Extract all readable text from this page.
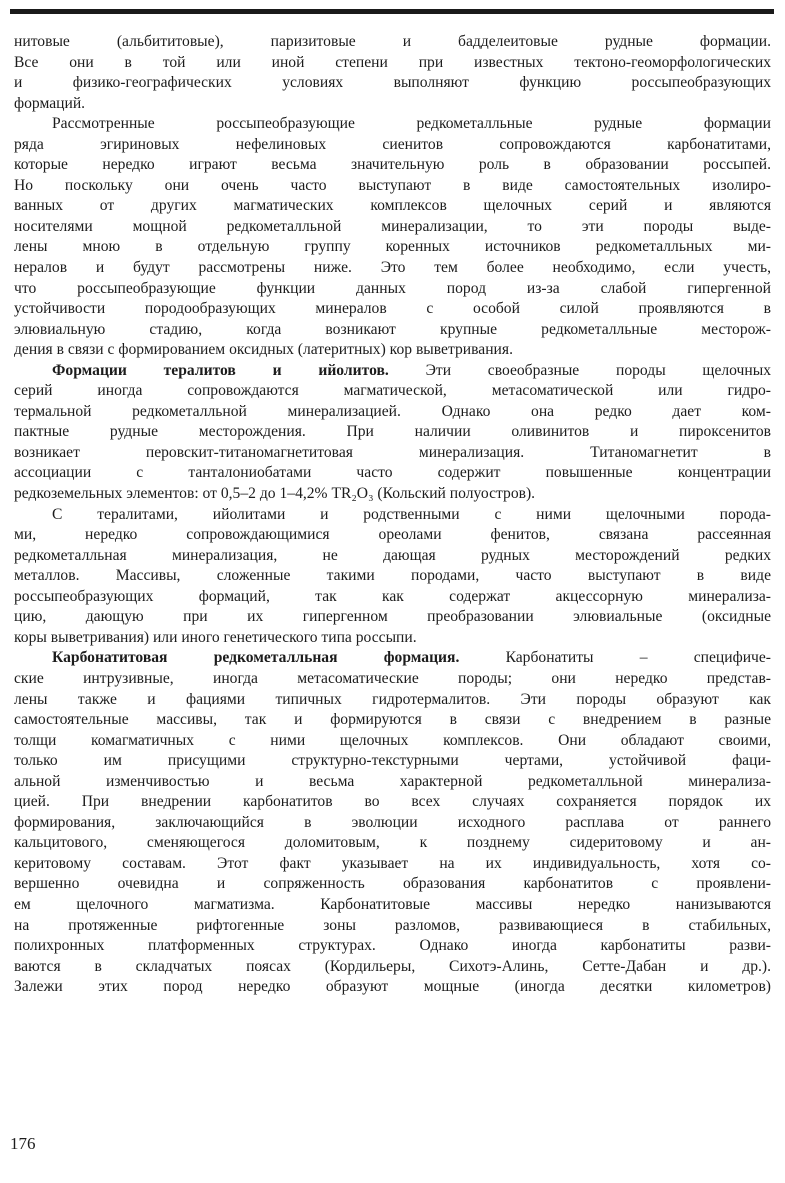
нитовые (альбититовые), паризитовые и бадделеитовые рудные формации.
Все они в той или иной степени при известных тектоно-геоморфологических
и физико-географических условиях выполняют функцию россыпеобразующих
формаций.
Рассмотренные россыпеобразующие редкометалльные рудные формации
ряда эгириновых нефелиновых сиенитов сопровождаются карбонатитами,
которые нередко играют весьма значительную роль в образовании россыпей.
Но поскольку они очень часто выступают в виде самостоятельных изолиро-
ванных от других магматических комплексов щелочных серий и являются
носителями мощной редкометалльной минерализации, то эти породы выде-
лены мною в отдельную группу коренных источников редкометалльных ми-
нералов и будут рассмотрены ниже. Это тем более необходимо, если учесть,
что россыпеобразующие функции данных пород из-за слабой гипергенной
устойчивости породообразующих минералов с особой силой проявляются в
элювиальную стадию, когда возникают крупные редкометалльные месторож-
дения в связи с формированием оксидных (латеритных) кор выветривания.
Формации тералитов и ийолитов. Эти своеобразные породы щелочных
серий иногда сопровождаются магматической, метасоматической или гидро-
термальной редкометалльной минерализацией. Однако она редко дает ком-
пактные рудные месторождения. При наличии оливинитов и пироксенитов
возникает перовскит-титаномагнетитовая минерализация. Титаномагнетит в
ассоциации с танталониобатами часто содержит повышенные концентрации
редкоземельных элементов: от 0,5–2 до 1–4,2% TR₂O₃ (Кольский полуостров).
С тералитами, ийолитами и родственными с ними щелочными порода-
ми, нередко сопровождающимися ореолами фенитов, связана рассеянная
редкометалльная минерализация, не дающая рудных месторождений редких
металлов. Массивы, сложенные такими породами, часто выступают в виде
россыпеобразующих формаций, так как содержат акцессорную минерализа-
цию, дающую при их гипергенном преобразовании элювиальные (оксидные
коры выветривания) или иного генетического типа россыпи.
Карбонатитовая редкометалльная формация. Карбонатиты – специфиче-
ские интрузивные, иногда метасоматические породы; они нередко представ-
лены также и фациями типичных гидротермалитов. Эти породы образуют как
самостоятельные массивы, так и формируются в связи с внедрением в разные
толщи комагматичных с ними щелочных комплексов. Они обладают своими,
только им присущими структурно-текстурными чертами, устойчивой фаци-
альной изменчивостью и весьма характерной редкометалльной минерализа-
цией. При внедрении карбонатитов во всех случаях сохраняется порядок их
формирования, заключающийся в эволюции исходного расплава от раннего
кальцитового, сменяющегося доломитовым, к позднему сидеритовому и ан-
керитовому составам. Этот факт указывает на их индивидуальность, хотя со-
вершенно очевидна и сопряженность образования карбонатитов с проявлени-
ем щелочного магматизма. Карбонатитовые массивы нередко нанизываются
на протяженные рифтогенные зоны разломов, развивающиеся в стабильных,
полихронных платформенных структурах. Однако иногда карбонатиты разви-
ваются в складчатых поясах (Кордильеры, Сихотэ-Алинь, Сетте-Дабан и др.).
Залежи этих пород нередко образуют мощные (иногда десятки километров)
176
